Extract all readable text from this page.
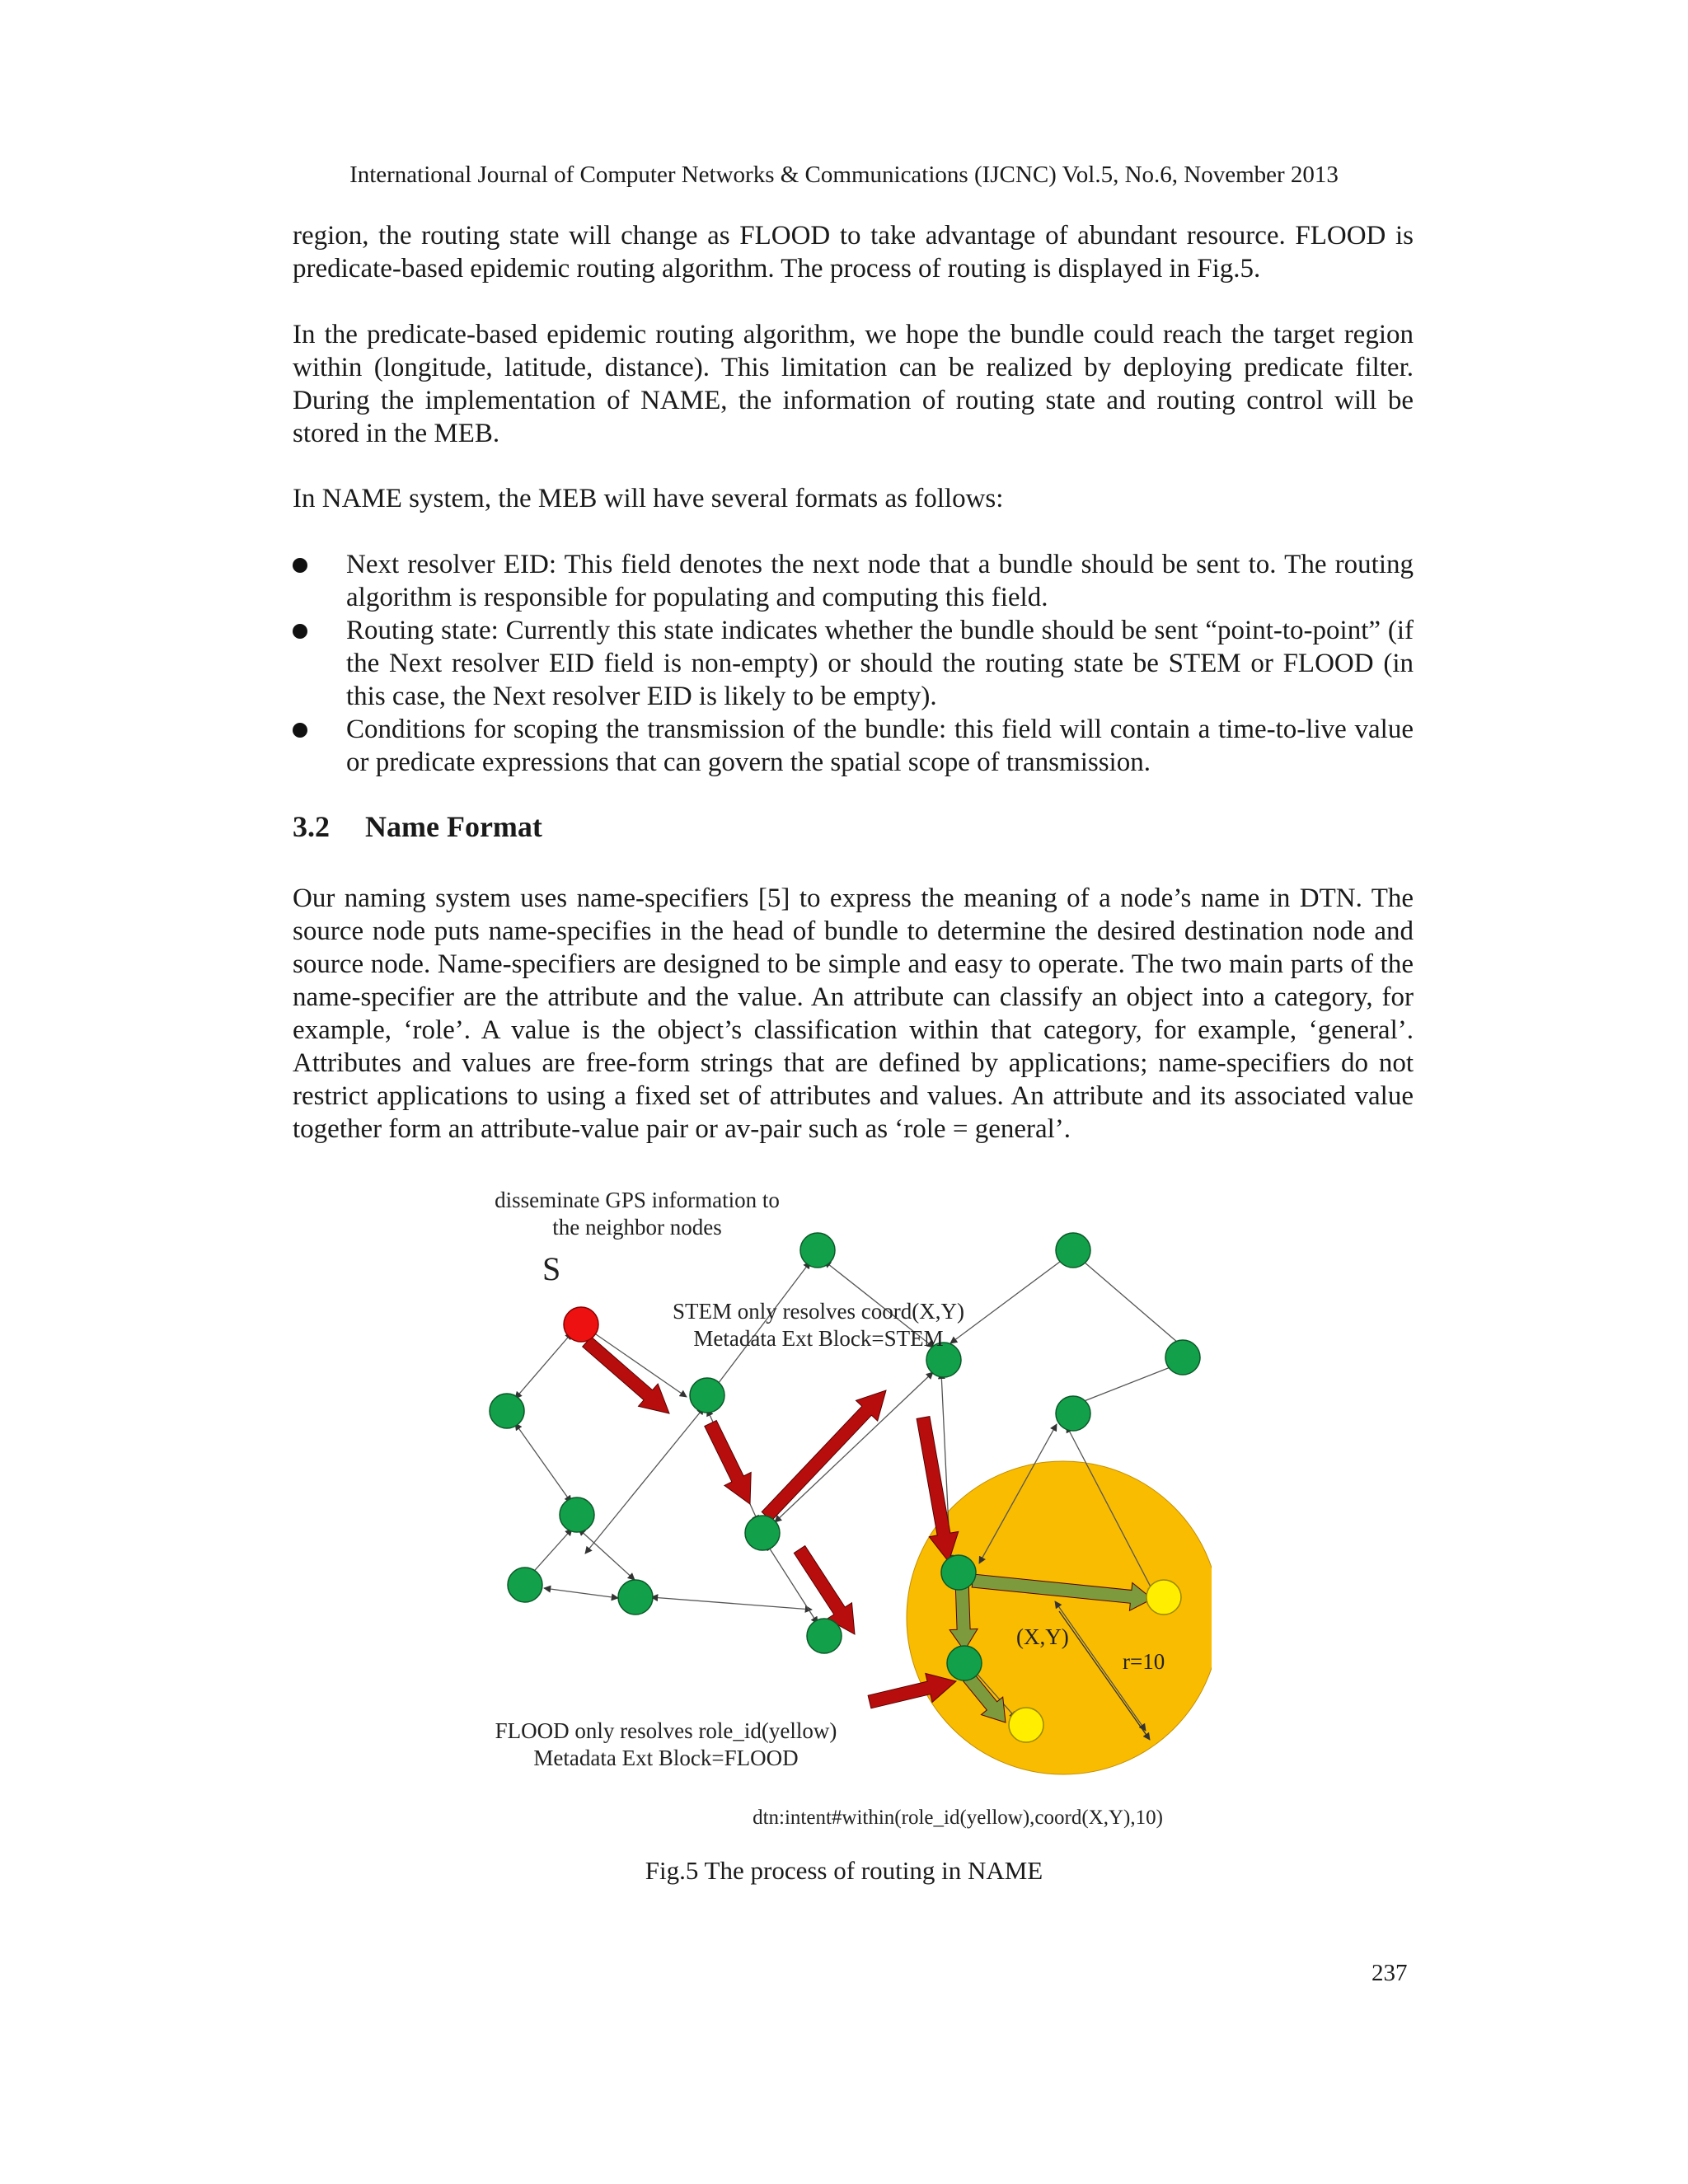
International Journal of Computer Networks & Communications (IJCNC) Vol.5, No.6, November 2013

region, the routing state will change as FLOOD to take advantage of abundant resource. FLOOD is predicate-based epidemic routing algorithm. The process of routing is displayed in Fig.5.

In the predicate-based epidemic routing algorithm, we hope the bundle could reach the target region within (longitude, latitude, distance). This limitation can be realized by deploying predicate filter. During the implementation of NAME, the information of routing state and routing control will be stored in the MEB.

In NAME system, the MEB will have several formats as follows:

Next resolver EID: This field denotes the next node that a bundle should be sent to. The routing algorithm is responsible for populating and computing this field.
Routing state: Currently this state indicates whether the bundle should be sent “point-to-point” (if the Next resolver EID field is non-empty) or should the routing state be STEM or FLOOD (in this case, the Next resolver EID is likely to be empty).
Conditions for scoping the transmission of the bundle: this field will contain a time-to-live value or predicate expressions that can govern the spatial scope of transmission.
3.2 Name Format

Our naming system uses name-specifiers [5] to express the meaning of a node’s name in DTN. The source node puts name-specifies in the head of bundle to determine the desired destination node and source node. Name-specifiers are designed to be simple and easy to operate. The two main parts of the name-specifier are the attribute and the value. An attribute can classify an object into a category, for example, ‘role’. A value is the object’s classification within that category, for example, ‘general’. Attributes and values are free-form strings that are defined by applications; name-specifiers do not restrict applications to using a fixed set of attributes and values. An attribute and its associated value together form an attribute-value pair or av-pair such as ‘role = general’.

disseminate GPS information to
the neighbor nodes
S
STEM only resolves coord(X,Y)
Metadata Ext Block=STEM
(X,Y)
r=10
FLOOD only resolves role_id(yellow)
Metadata Ext Block=FLOOD
dtn:intent#within(role_id(yellow),coord(X,Y),10)
Fig.5 The process of routing in NAME
237
